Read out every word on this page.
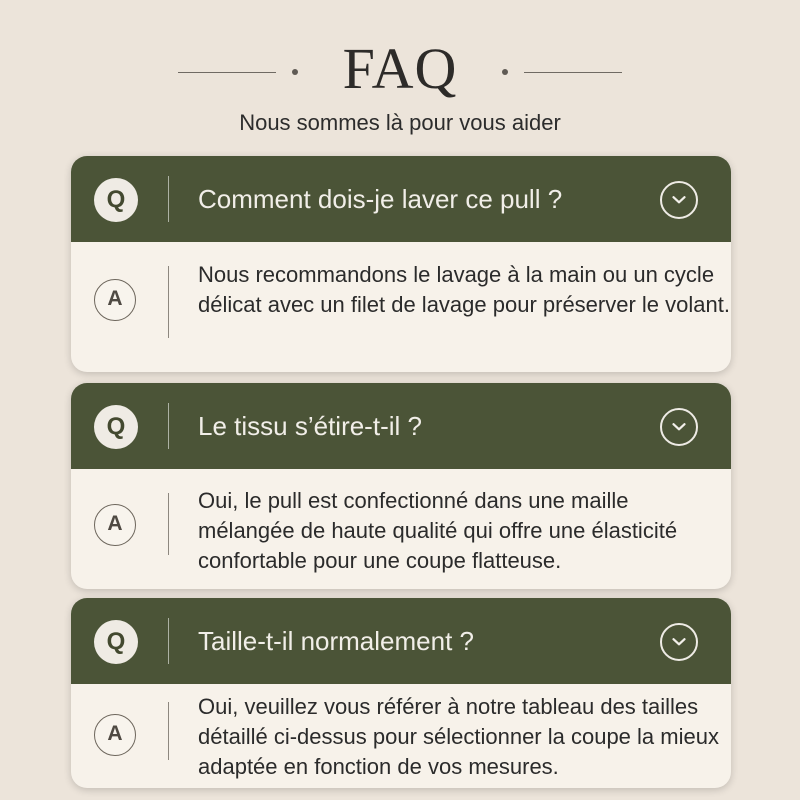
FAQ
Nous sommes là pour vous aider
Q	Comment dois-je laver ce pull ?
A
Nous recommandons le lavage à la main ou un cycle délicat avec un filet de lavage pour préserver le volant.
Q	Le tissu s’étire-t-il ?
A
Oui, le pull est confectionné dans une maille mélangée de haute qualité qui offre une élasticité confortable pour une coupe flatteuse.
Q	Taille-t-il normalement ?
A
Oui, veuillez vous référer à notre tableau des tailles détaillé ci-dessus pour sélectionner la coupe la mieux adaptée en fonction de vos mesures.
